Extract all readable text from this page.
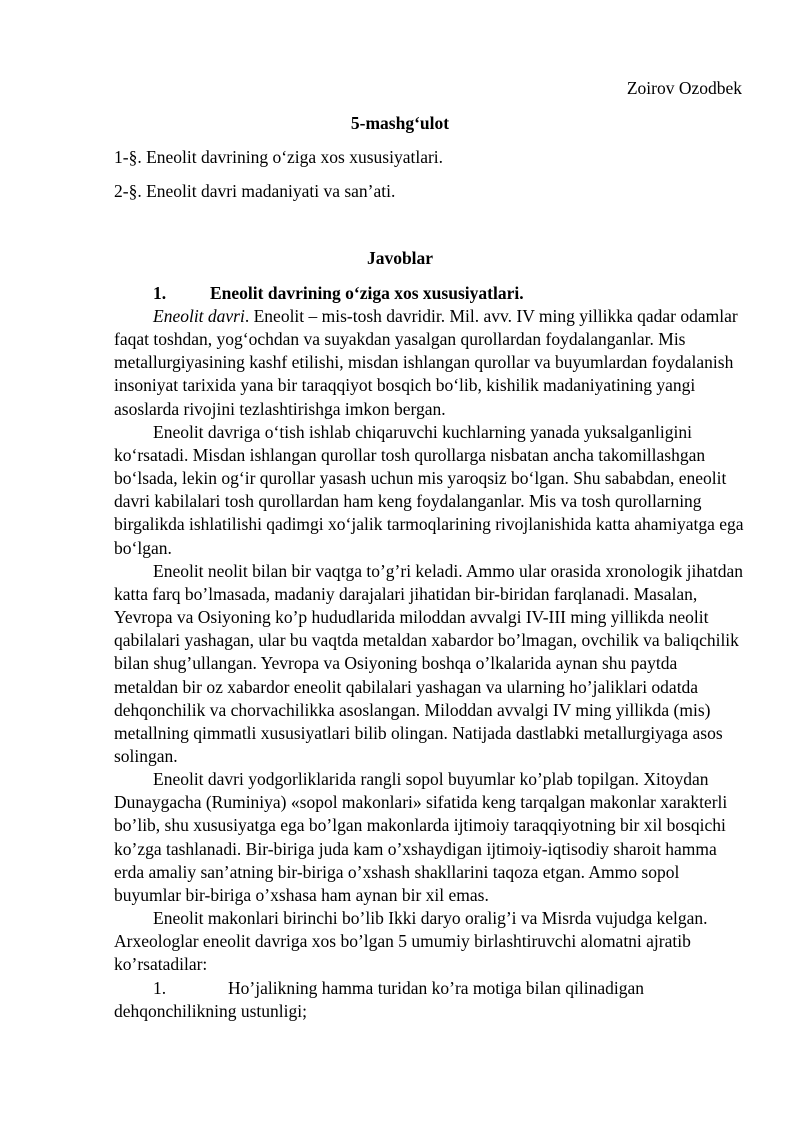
Zoirov Ozodbek
5-mashg‘ulot
1-§. Eneolit davrining o‘ziga xos xususiyatlari.
2-§. Eneolit davri madaniyati va san’ati.
Javoblar
1.	Eneolit davrining o‘ziga xos xususiyatlari.

Eneolit davri. Eneolit – mis-tosh davridir. Mil. avv. IV ming yillikka qadar odamlar faqat toshdan, yog‘ochdan va suyakdan yasalgan qurollardan foydalanganlar. Mis metallurgiyasining kashf etilishi, misdan ishlangan qurollar va buyumlardan foydalanish insoniyat tarixida yana bir taraqqiyot bosqich bo‘lib, kishilik madaniyatining yangi asoslarda rivojini tezlashtirishga imkon bergan.

Eneolit davriga o‘tish ishlab chiqaruvchi kuchlarning yanada yuksalganligini ko‘rsatadi. Misdan ishlangan qurollar tosh qurollarga nisbatan ancha takomillashgan bo‘lsada, lekin og‘ir qurollar yasash uchun mis yaroqsiz bo‘lgan. Shu sababdan, eneolit davri kabilalari tosh qurollardan ham keng foydalanganlar. Mis va tosh qurollarning birgalikda ishlatilishi qadimgi xo‘jalik tarmoqlarining rivojlanishida katta ahamiyatga ega bo‘lgan.

Eneolit neolit bilan bir vaqtga to’g’ri keladi. Ammo ular orasida xronologik jihatdan katta farq bo’lmasada, madaniy darajalari jihatidan bir-biridan farqlanadi. Masalan, Yevropa va Osiyoning ko’p hududlarida miloddan avvalgi IV-III ming yillikda neolit qabilalari yashagan, ular bu vaqtda metaldan xabardor bo’lmagan, ovchilik va baliqchilik bilan shug’ullangan. Yevropa va Osiyoning boshqa o’lkalarida aynan shu paytda metaldan bir oz xabardor eneolit qabilalari yashagan va ularning ho’jaliklari odatda dehqonchilik va chorvachilikka asoslangan. Miloddan avvalgi IV ming yillikda (mis) metallning qimmatli xususiyatlari bilib olingan. Natijada dastlabki metallurgiyaga asos solingan.

Eneolit davri yodgorliklarida rangli sopol buyumlar ko’plab topilgan. Xitoydan Dunaygacha (Ruminiya) «sopol makonlari» sifatida keng tarqalgan makonlar xarakterli bo’lib, shu xususiyatga ega bo’lgan makonlarda ijtimoiy taraqqiyotning bir xil bosqichi ko’zga tashlanadi. Bir-biriga juda kam o’xshaydigan ijtimoiy-iqtisodiy sharoit hamma erda amaliy san’atning bir-biriga o’xshash shakllarini taqoza etgan. Ammo sopol buyumlar bir-biriga o’xshasa ham aynan bir xil emas.

Eneolit makonlari birinchi bo’lib Ikki daryo oralig’i va Misrda vujudga kelgan. Arxeologlar eneolit davriga xos bo’lgan 5 umumiy birlashtiruvchi alomatni ajratib ko’rsatadilar:

1.	Ho’jalikning hamma turidan ko’ra motiga bilan qilinadigan dehqonchilikning ustunligi;
